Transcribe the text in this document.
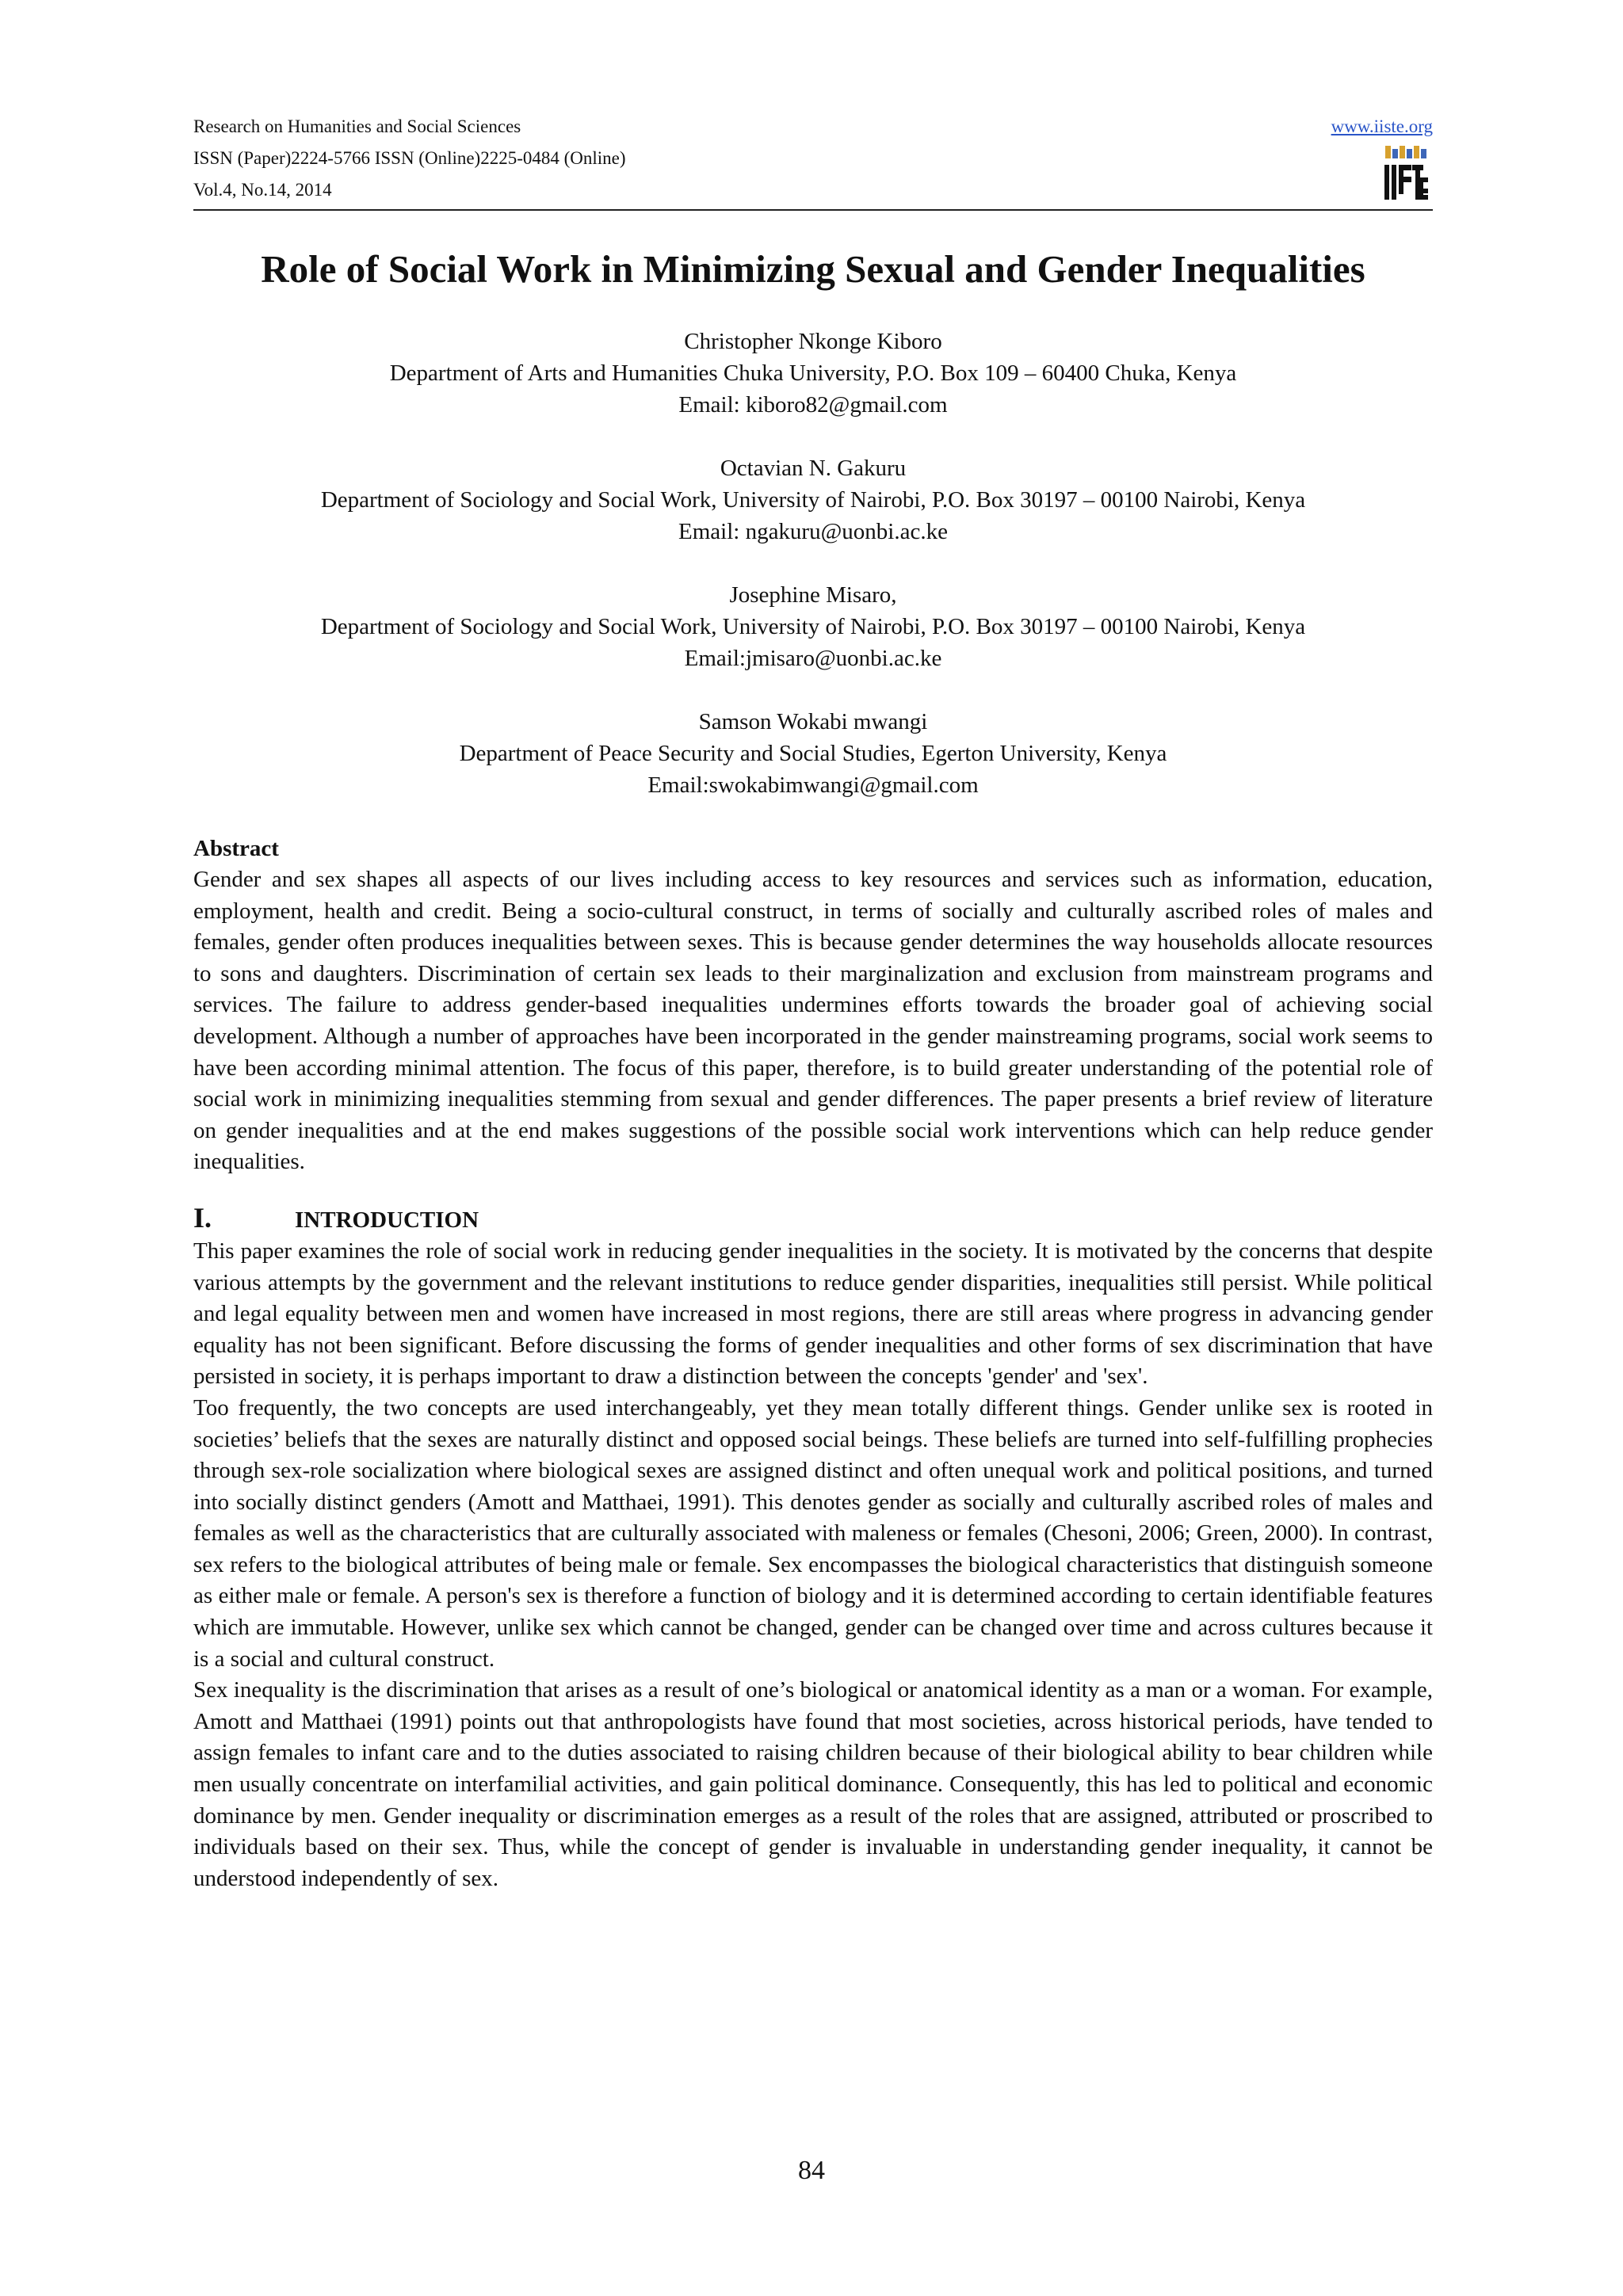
Research on Humanities and Social Sciences
ISSN (Paper)2224-5766 ISSN (Online)2225-0484 (Online)
Vol.4, No.14, 2014
www.iiste.org
Role of Social Work in Minimizing Sexual and Gender Inequalities
Christopher Nkonge Kiboro
Department of Arts and Humanities Chuka University, P.O. Box 109 – 60400 Chuka, Kenya
Email: kiboro82@gmail.com
Octavian N. Gakuru
Department of Sociology and Social Work, University of Nairobi, P.O. Box 30197 – 00100 Nairobi, Kenya
Email: ngakuru@uonbi.ac.ke
Josephine Misaro,
Department of Sociology and Social Work, University of Nairobi, P.O. Box 30197 – 00100 Nairobi, Kenya
Email:jmisaro@uonbi.ac.ke
Samson Wokabi mwangi
Department of Peace Security and Social Studies, Egerton University, Kenya
Email:swokabimwangi@gmail.com
Abstract

Gender and sex shapes all aspects of our lives including access to key resources and services such as information, education, employment, health and credit. Being a socio-cultural construct, in terms of socially and culturally ascribed roles of males and females, gender often produces inequalities between sexes. This is because gender determines the way households allocate resources to sons and daughters. Discrimination of certain sex leads to their marginalization and exclusion from mainstream programs and services. The failure to address gender-based inequalities undermines efforts towards the broader goal of achieving social development. Although a number of approaches have been incorporated in the gender mainstreaming programs, social work seems to have been according minimal attention. The focus of this paper, therefore, is to build greater understanding of the potential role of social work in minimizing inequalities stemming from sexual and gender differences. The paper presents a brief review of literature on gender inequalities and at the end makes suggestions of the possible social work interventions which can help reduce gender inequalities.

I.	INTRODUCTION

This paper examines the role of social work in reducing gender inequalities in the society. It is motivated by the concerns that despite various attempts by the government and the relevant institutions to reduce gender disparities, inequalities still persist. While political and legal equality between men and women have increased in most regions, there are still areas where progress in advancing gender equality has not been significant. Before discussing the forms of gender inequalities and other forms of sex discrimination that have persisted in society, it is perhaps important to draw a distinction between the concepts 'gender' and 'sex'.

Too frequently, the two concepts are used interchangeably, yet they mean totally different things. Gender unlike sex is rooted in societies’ beliefs that the sexes are naturally distinct and opposed social beings. These beliefs are turned into self-fulfilling prophecies through sex-role socialization where biological sexes are assigned distinct and often unequal work and political positions, and turned into socially distinct genders (Amott and Matthaei, 1991). This denotes gender as socially and culturally ascribed roles of males and females as well as the characteristics that are culturally associated with maleness or females (Chesoni, 2006; Green, 2000). In contrast, sex refers to the biological attributes of being male or female. Sex encompasses the biological characteristics that distinguish someone as either male or female. A person's sex is therefore a function of biology and it is determined according to certain identifiable features which are immutable. However, unlike sex which cannot be changed, gender can be changed over time and across cultures because it is a social and cultural construct.

Sex inequality is the discrimination that arises as a result of one’s biological or anatomical identity as a man or a woman. For example, Amott and Matthaei (1991) points out that anthropologists have found that most societies, across historical periods, have tended to assign females to infant care and to the duties associated to raising children because of their biological ability to bear children while men usually concentrate on interfamilial activities, and gain political dominance. Consequently, this has led to political and economic dominance by men. Gender inequality or discrimination emerges as a result of the roles that are assigned, attributed or proscribed to individuals based on their sex. Thus, while the concept of gender is invaluable in understanding gender inequality, it cannot be understood independently of sex.

84
